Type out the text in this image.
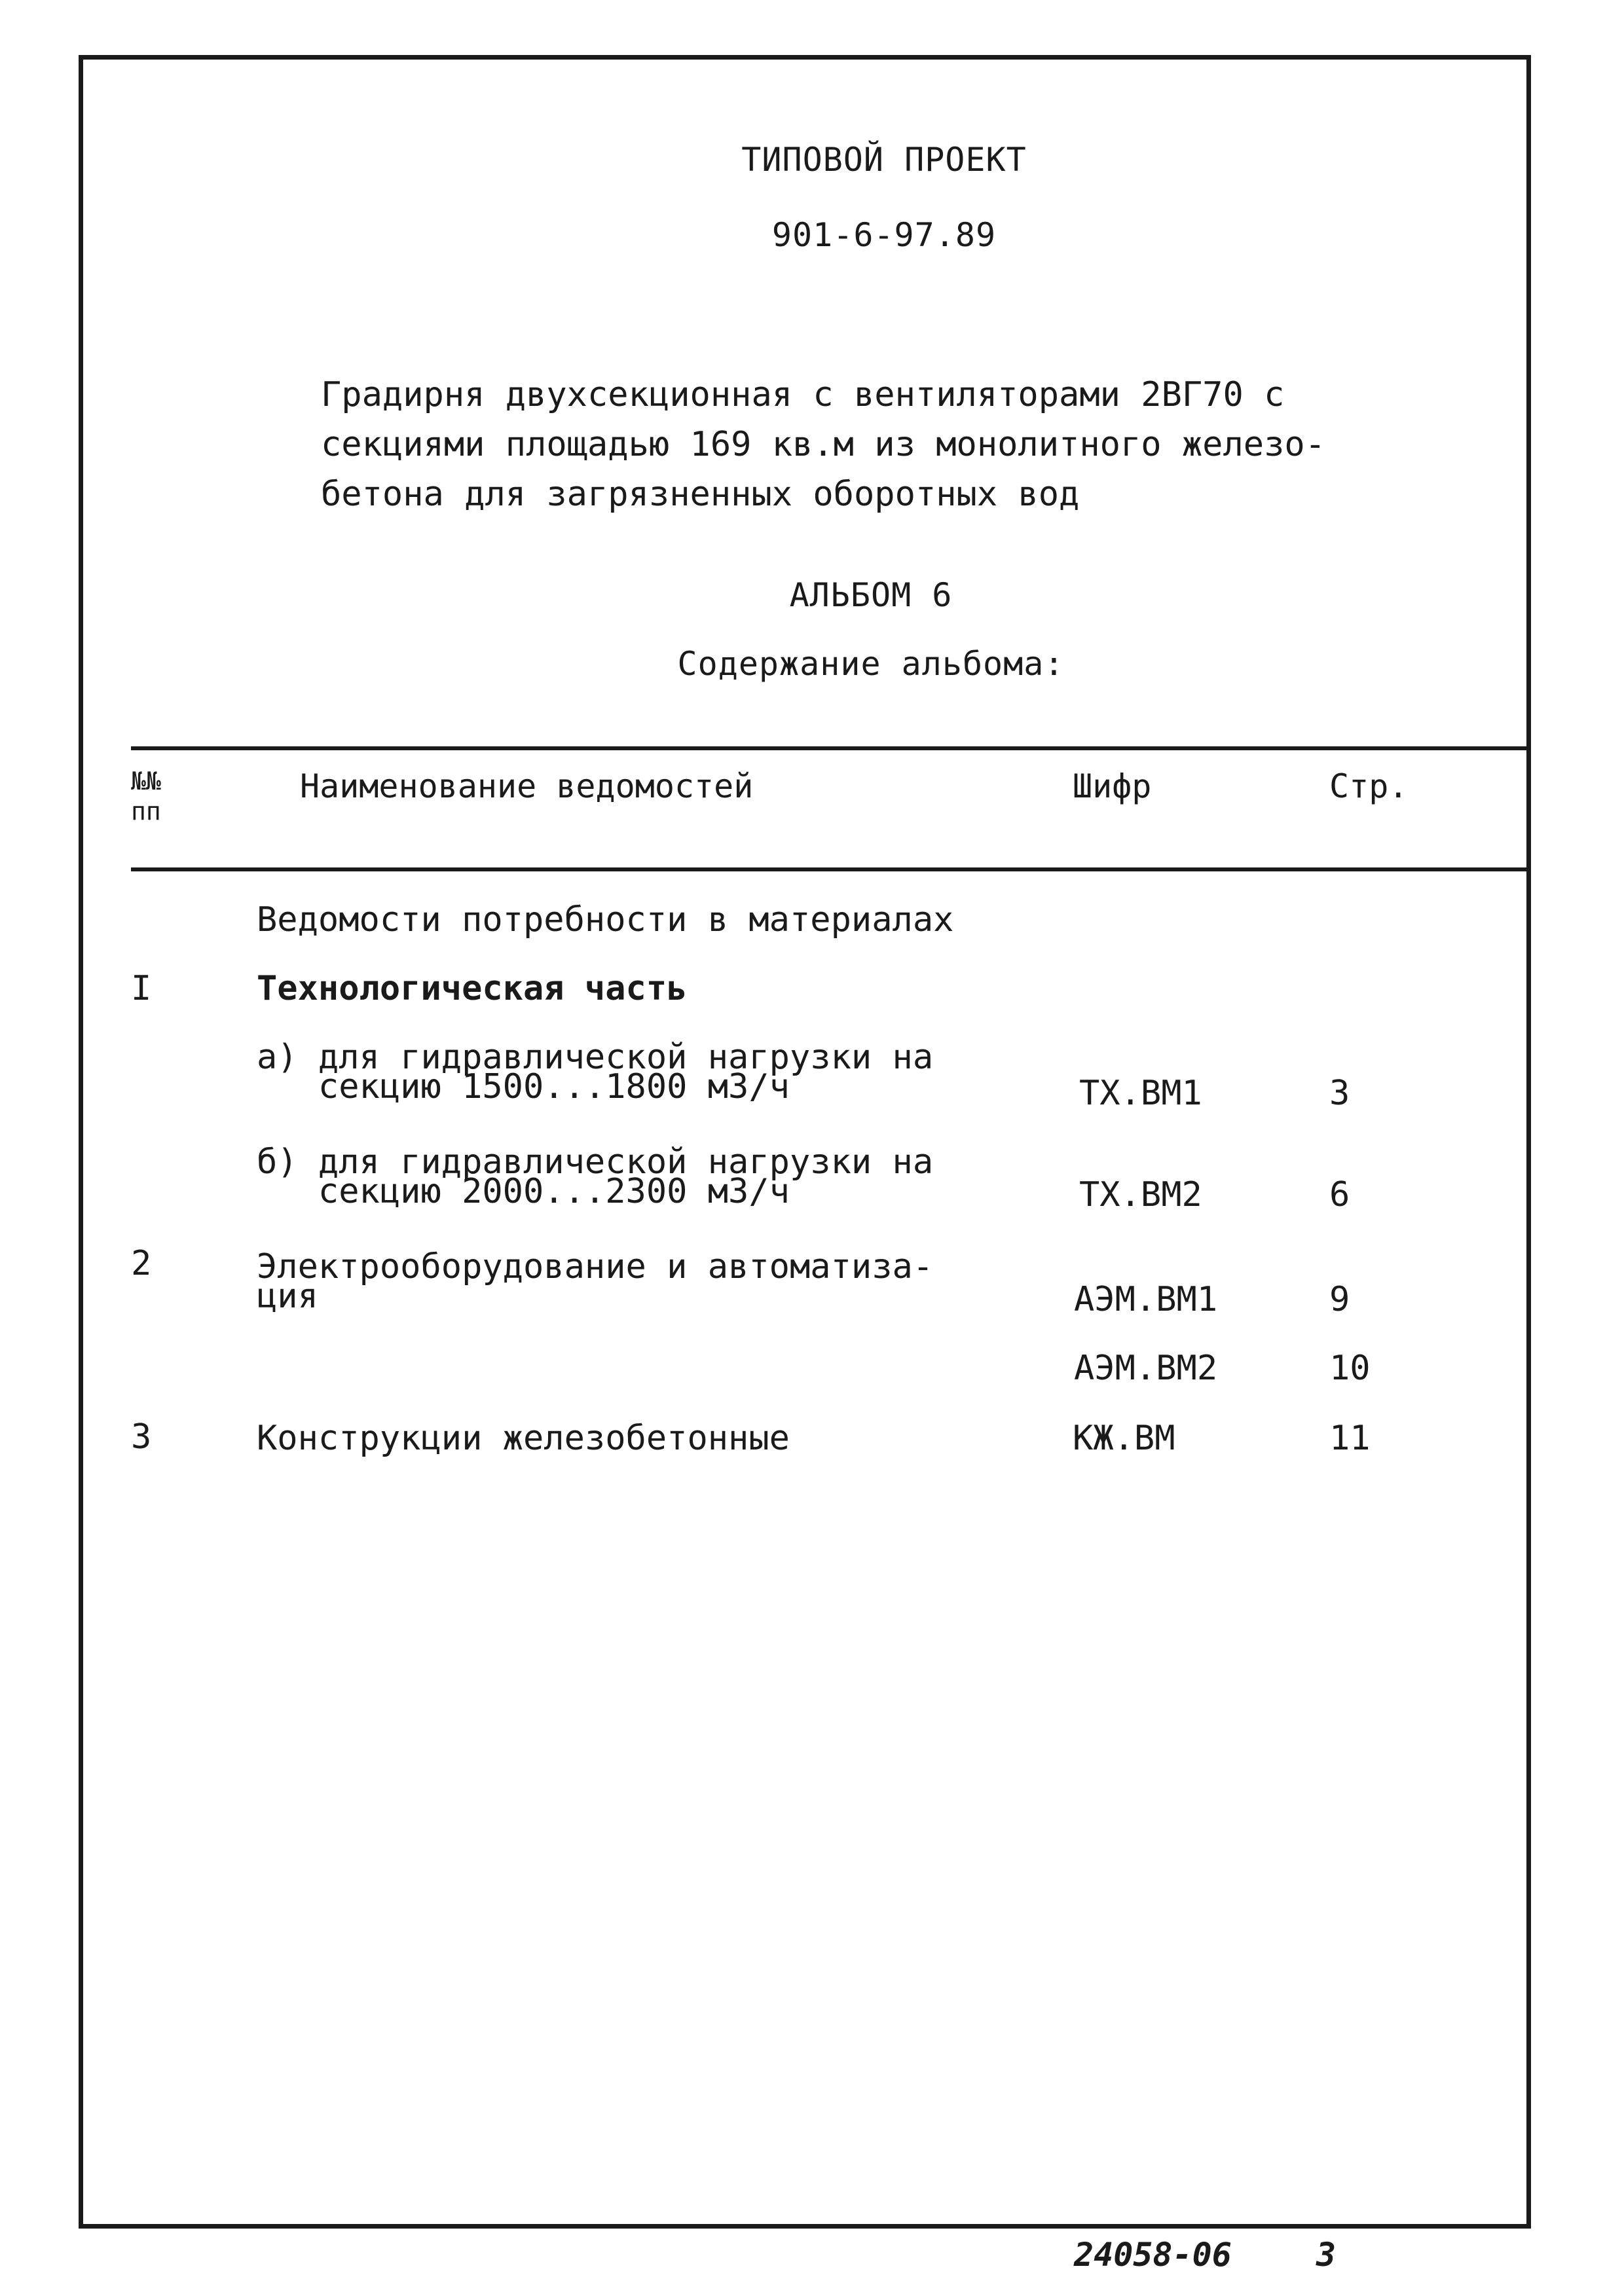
ТИПОВОЙ ПРОЕКТ
901-6-97.89
Градирня двухсекционная с вентиляторами 2ВГ70 с
секциями площадью 169 кв.м из монолитного железо-
бетона для загрязненных оборотных вод
АЛЬБОМ 6
Содержание альбома:
№№
пп
Наименование ведомостей	Шифр	Стр.
Ведомости потребности в материалах
I	Технологическая часть
а) для гидравлической нагрузки на
секцию 1500...1800 м3/ч	ТХ.ВМ1	3
б) для гидравлической нагрузки на
секцию 2000...2300 м3/ч	ТХ.ВМ2	6
2	Электрооборудование и автоматиза-
ция	АЭМ.ВМ1	9
АЭМ.ВМ2	10
3	Конструкции железобетонные	КЖ.ВМ	11
24058-06	3
